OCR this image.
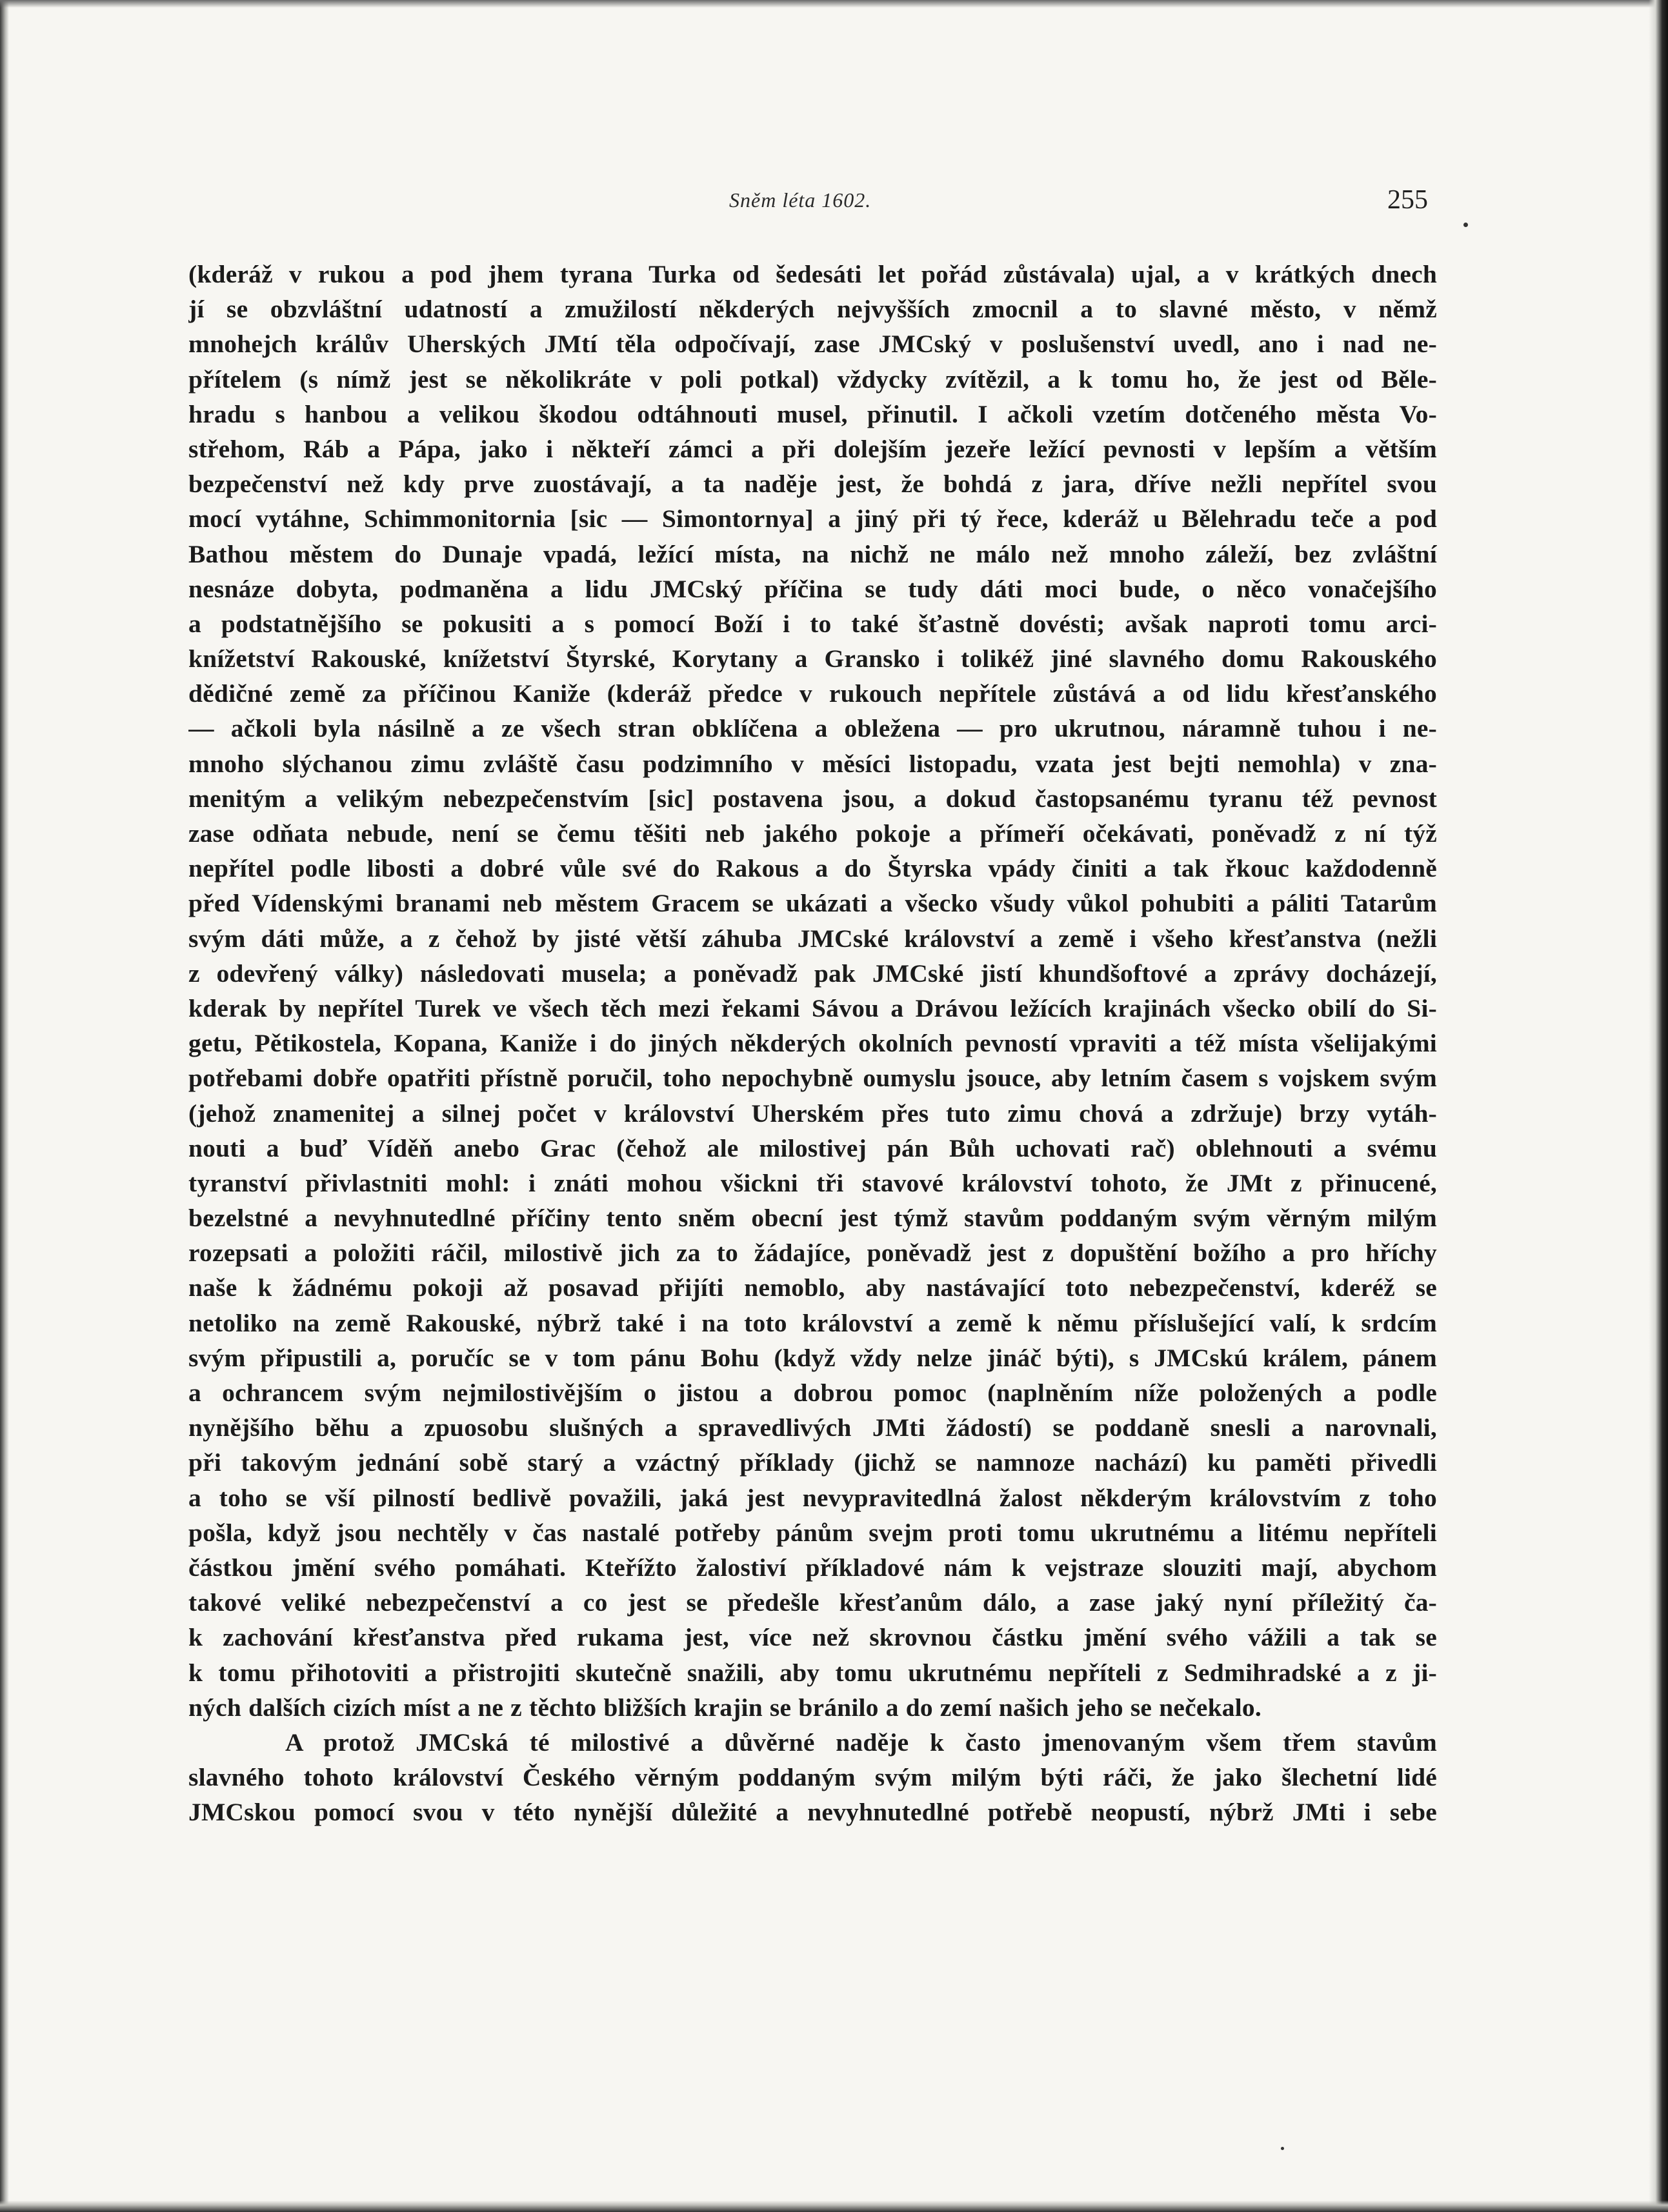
Sněm léta 1602.	255
(kderáž v rukou a pod jhem tyrana Turka od šedesáti let pořád zůstávala) ujal, a v krátkých dnech
jí se obzvláštní udatností a zmužilostí někderých nejvyšších zmocnil a to slavné město, v němž
mnohejch králův Uherských JMtí těla odpočívají, zase JMCský v poslušenství uvedl, ano i nad ne-
přítelem (s nímž jest se několikráte v poli potkal) vždycky zvítězil, a k tomu ho, že jest od Běle-
hradu s hanbou a velikou škodou odtáhnouti musel, přinutil. I ačkoli vzetím dotčeného města Vo-
střehom, Ráb a Pápa, jako i někteří zámci a při dolejším jezeře ležící pevnosti v lepším a větším
bezpečenství než kdy prve zuostávají, a ta naděje jest, že bohdá z jara, dříve nežli nepřítel svou
mocí vytáhne, Schimmonitornia [sic — Simontornya] a jiný při tý řece, kderáž u Bělehradu teče a pod
Bathou městem do Dunaje vpadá, ležící místa, na nichž ne málo než mnoho záleží, bez zvláštní
nesnáze dobyta, podmaněna a lidu JMCský příčina se tudy dáti moci bude, o něco vonačejšího
a podstatnějšího se pokusiti a s pomocí Boží i to také šťastně dovésti; avšak naproti tomu arci-
knížetství Rakouské, knížetství Štyrské, Korytany a Gransko i tolikéž jiné slavného domu Rakouského
dědičné země za příčinou Kaniže (kderáž předce v rukouch nepřítele zůstává a od lidu křesťanského
— ačkoli byla násilně a ze všech stran obklíčena a obležena — pro ukrutnou, náramně tuhou i ne-
mnoho slýchanou zimu zvláště času podzimního v měsíci listopadu, vzata jest bejti nemohla) v zna-
menitým a velikým nebezpečenstvím [sic] postavena jsou, a dokud častopsanému tyranu též pevnost
zase odňata nebude, není se čemu těšiti neb jakého pokoje a přímeří očekávati, poněvadž z ní týž
nepřítel podle libosti a dobré vůle své do Rakous a do Štyrska vpády činiti a tak řkouc každodenně
před Vídenskými branami neb městem Gracem se ukázati a všecko všudy vůkol pohubiti a páliti Tatarům
svým dáti může, a z čehož by jisté větší záhuba JMCské království a země i všeho křesťanstva (nežli
z odevřený války) následovati musela; a poněvadž pak JMCské jistí khundšoftové a zprávy docházejí,
kderak by nepřítel Turek ve všech těch mezi řekami Sávou a Drávou ležících krajinách všecko obilí do Si-
getu, Pětikostela, Kopana, Kaniže i do jiných někderých okolních pevností vpraviti a též místa všelijakými
potřebami dobře opatřiti přístně poručil, toho nepochybně oumyslu jsouce, aby letním časem s vojskem svým
(jehož znamenitej a silnej počet v království Uherském přes tuto zimu chová a zdržuje) brzy vytáh-
nouti a buď Víděň anebo Grac (čehož ale milostivej pán Bůh uchovati rač) oblehnouti a svému
tyranství přivlastniti mohl: i znáti mohou všickni tři stavové království tohoto, že JMt z přinucené,
bezelstné a nevyhnutedlné příčiny tento sněm obecní jest týmž stavům poddaným svým věrným milým
rozepsati a položiti ráčil, milostivě jich za to žádajíce, poněvadž jest z dopuštění božího a pro hříchy
naše k žádnému pokoji až posavad přijíti nemoblo, aby nastávající toto nebezpečenství, kderéž se
netoliko na země Rakouské, nýbrž také i na toto království a země k němu příslušející valí, k srdcím
svým připustili a, poručíc se v tom pánu Bohu (když vždy nelze jináč býti), s JMCskú králem, pánem
a ochrancem svým nejmilostivějším o jistou a dobrou pomoc (naplněním níže položených a podle
nynějšího běhu a zpuosobu slušných a spravedlivých JMti žádostí) se poddaně snesli a narovnali,
při takovým jednání sobě starý a vzáctný příklady (jichž se namnoze nachází) ku paměti přivedli
a toho se vší pilností bedlivě považili, jaká jest nevypravitedlná žalost někderým královstvím z toho
pošla, když jsou nechtěly v čas nastalé potřeby pánům svejm proti tomu ukrutnému a litému nepříteli
částkou jmění svého pomáhati. Kteřížto žalostiví příkladové nám k vejstraze slouziti mají, abychom
takové veliké nebezpečenství a co jest se předešle křesťanům dálo, a zase jaký nyní příležitý ča-
k zachování křesťanstva před rukama jest, více než skrovnou částku jmění svého vážili a tak se
k tomu přihotoviti a přistrojiti skutečně snažili, aby tomu ukrutnému nepříteli z Sedmihradské a z ji-
ných dalších cizích míst a ne z těchto bližších krajin se bránilo a do zemí našich jeho se nečekalo.
A protož JMCská té milostivé a důvěrné naděje k často jmenovaným všem třem stavům
slavného tohoto království Českého věrným poddaným svým milým býti ráči, že jako šlechetní lidé
JMCskou pomocí svou v této nynější důležité a nevyhnutedlné potřebě neopustí, nýbrž JMti i sebe
